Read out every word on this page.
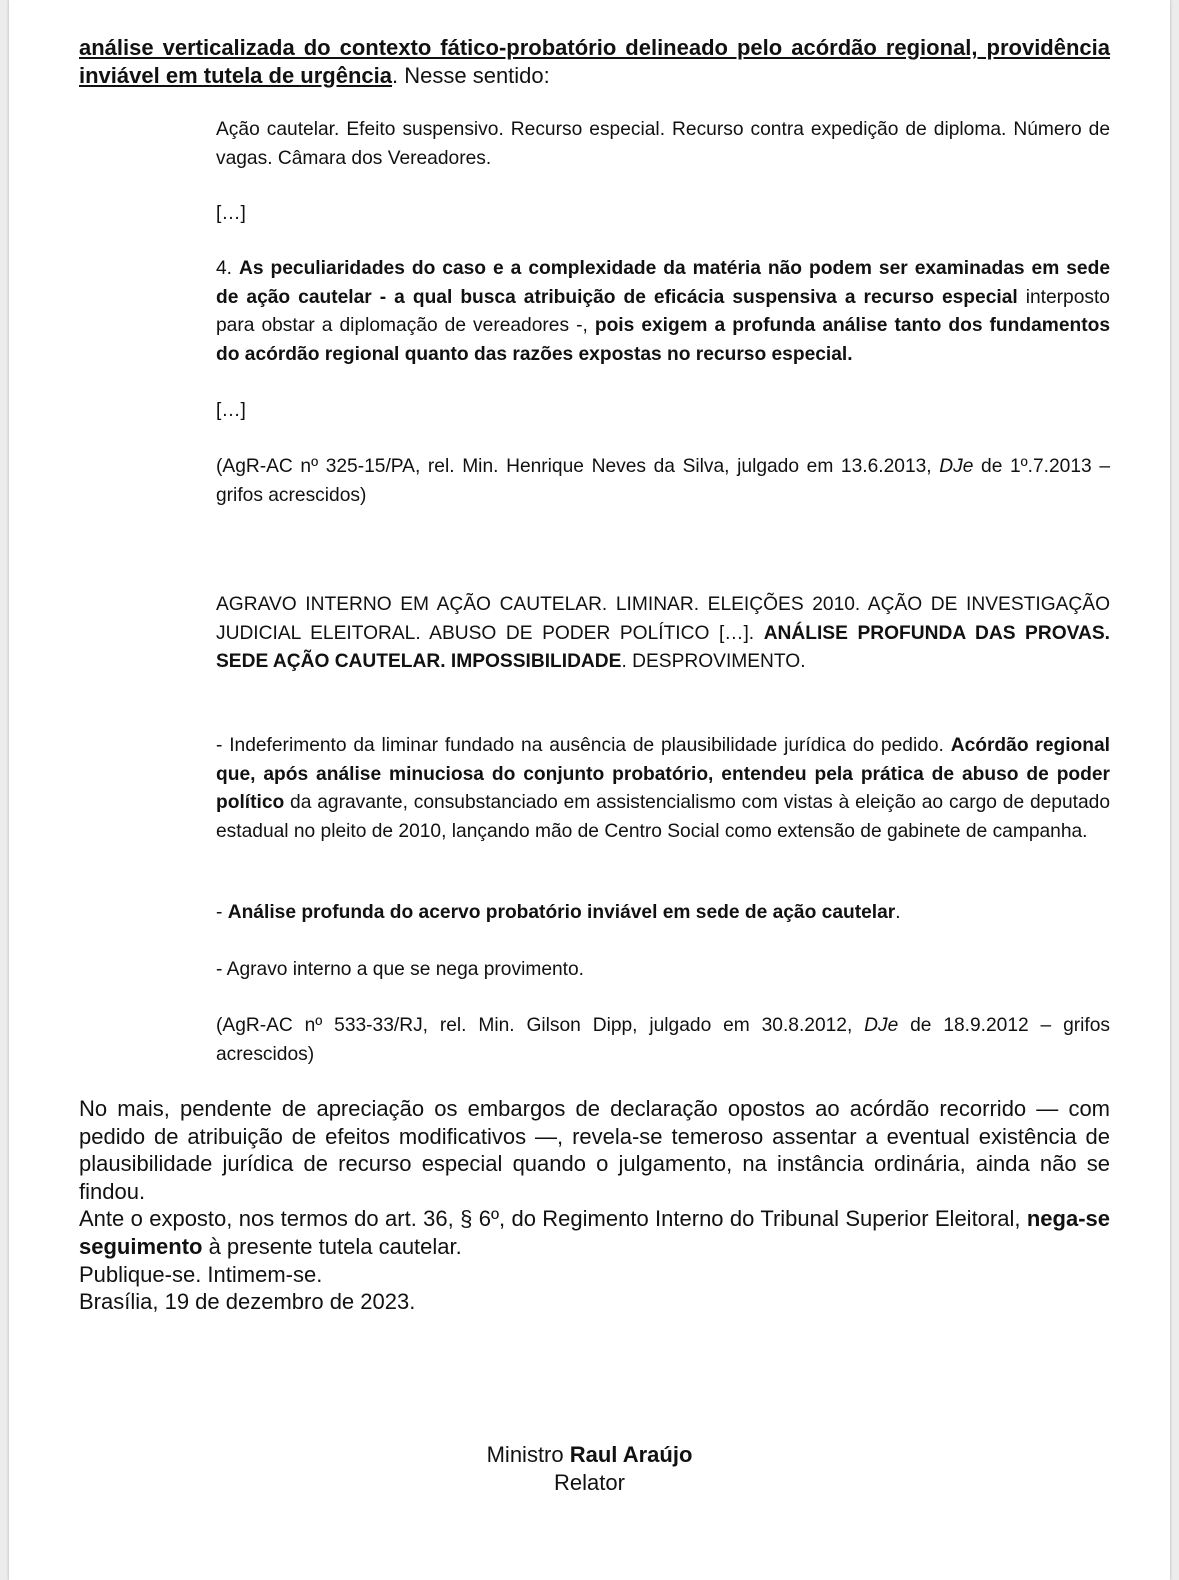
análise verticalizada do contexto fático-probatório delineado pelo acórdão regional, providência inviável em tutela de urgência. Nesse sentido:

Ação cautelar. Efeito suspensivo. Recurso especial. Recurso contra expedição de diploma. Número de vagas. Câmara dos Vereadores.

[…]

4. As peculiaridades do caso e a complexidade da matéria não podem ser examinadas em sede de ação cautelar - a qual busca atribuição de eficácia suspensiva a recurso especial interposto para obstar a diplomação de vereadores -, pois exigem a profunda análise tanto dos fundamentos do acórdão regional quanto das razões expostas no recurso especial.

[…]

(AgR-AC nº 325-15/PA, rel. Min. Henrique Neves da Silva, julgado em 13.6.2013, DJe de 1º.7.2013 – grifos acrescidos)

AGRAVO INTERNO EM AÇÃO CAUTELAR. LIMINAR. ELEIÇÕES 2010. AÇÃO DE INVESTIGAÇÃO JUDICIAL ELEITORAL. ABUSO DE PODER POLÍTICO […]. ANÁLISE PROFUNDA DAS PROVAS. SEDE AÇÃO CAUTELAR. IMPOSSIBILIDADE. DESPROVIMENTO.

- Indeferimento da liminar fundado na ausência de plausibilidade jurídica do pedido. Acórdão regional que, após análise minuciosa do conjunto probatório, entendeu pela prática de abuso de poder político da agravante, consubstanciado em assistencialismo com vistas à eleição ao cargo de deputado estadual no pleito de 2010, lançando mão de Centro Social como extensão de gabinete de campanha.

- Análise profunda do acervo probatório inviável em sede de ação cautelar.

- Agravo interno a que se nega provimento.

(AgR-AC nº 533-33/RJ, rel. Min. Gilson Dipp, julgado em 30.8.2012, DJe de 18.9.2012 – grifos acrescidos)

No mais, pendente de apreciação os embargos de declaração opostos ao acórdão recorrido — com pedido de atribuição de efeitos modificativos —, revela-se temeroso assentar a eventual existência de plausibilidade jurídica de recurso especial quando o julgamento, na instância ordinária, ainda não se findou.

Ante o exposto, nos termos do art. 36, § 6º, do Regimento Interno do Tribunal Superior Eleitoral, nega-se seguimento à presente tutela cautelar.

Publique-se. Intimem-se.

Brasília, 19 de dezembro de 2023.

Ministro Raul Araújo
Relator
